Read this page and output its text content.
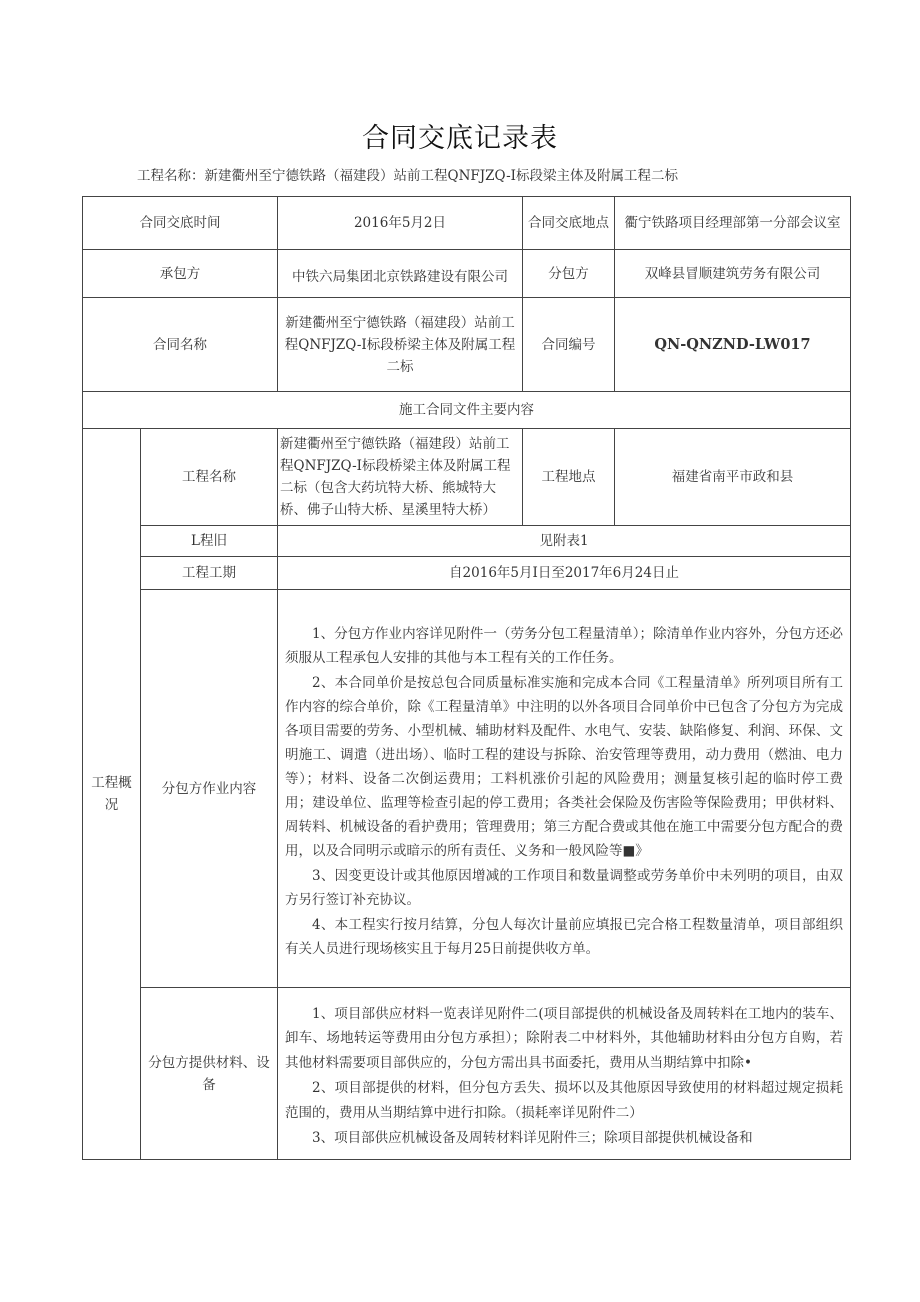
合同交底记录表
工程名称：新建衢州至宁德铁路（福建段）站前工程QNFJZQ-I标段梁主体及附属工程二标
合同交底时间		2016年5月2日	合同交底地点	衢宁铁路项目经理部第一分部会议室
承包方		中铁六局集团北京铁路建设有限公司	分包方	双峰县冒顺建筑劳务有限公司
合同名称		新建衢州至宁德铁路（福建段）站前工程QNFJZQ-I标段桥梁主体及附属工程二标	合同编号	QN-QNZND-LW017
施工合同文件主要内容				
工程概况	工程名称	新建衢州至宁德铁路（福建段）站前工程QNFJZQ-I标段桥梁主体及附属工程二标（包含大药坑特大桥、熊城特大桥、佛子山特大桥、星溪里特大桥）	工程地点	福建省南平市政和县
	L程旧	见附表1		
	工程工期	自2016年5月I日至2017年6月24日止		
	分包方作业内容	1、分包方作业内容详见附件一（劳务分包工程量清单）；除清单作业内容外，分包方还必须服从工程承包人安排的其他与本工程有关的工作任务。

2、本合同单价是按总包合同质量标准实施和完成本合同《工程量清单》所列项目所有工作内容的综合单价，除《工程量清单》中注明的以外各项目合同单价中已包含了分包方为完成各项目需要的劳务、小型机械、辅助材料及配件、水电气、安装、缺陷修复、利润、环保、文明施工、调遣（进出场）、临时工程的建设与拆除、治安管理等费用，动力费用（燃油、电力等）；材料、设备二次倒运费用；工料机涨价引起的风险费用；测量复核引起的临时停工费用；建设单位、监理等检查引起的停工费用；各类社会保险及伤害险等保险费用；甲供材料、周转料、机械设备的看护费用；管理费用；第三方配合费或其他在施工中需要分包方配合的费用，以及合同明示或暗示的所有责任、义务和一般风险等■》

3、因变更设计或其他原因增减的工作项目和数量调整或劳务单价中未列明的项目，由双方另行签订补充协议。

4、本工程实行按月结算，分包人每次计量前应填报已完合格工程数量清单，项目部组织有关人员进行现场核实且于每月25日前提供收方单。		

	分包方提供材料、设备	1、项目部供应材料一览表详见附件二(项目部提供的机械设备及周转料在工地内的装车、卸车、场地转运等费用由分包方承担）；除附表二中材料外，其他辅助材料由分包方自购，若其他材料需要项目部供应的，分包方需出具书面委托，费用从当期结算中扣除•

2、项目部提供的材料，但分包方丢失、损坏以及其他原因导致使用的材料超过规定损耗范围的，费用从当期结算中进行扣除。（损耗率详见附件二）

3、项目部供应机械设备及周转材料详见附件三；除项目部提供机械设备和		
